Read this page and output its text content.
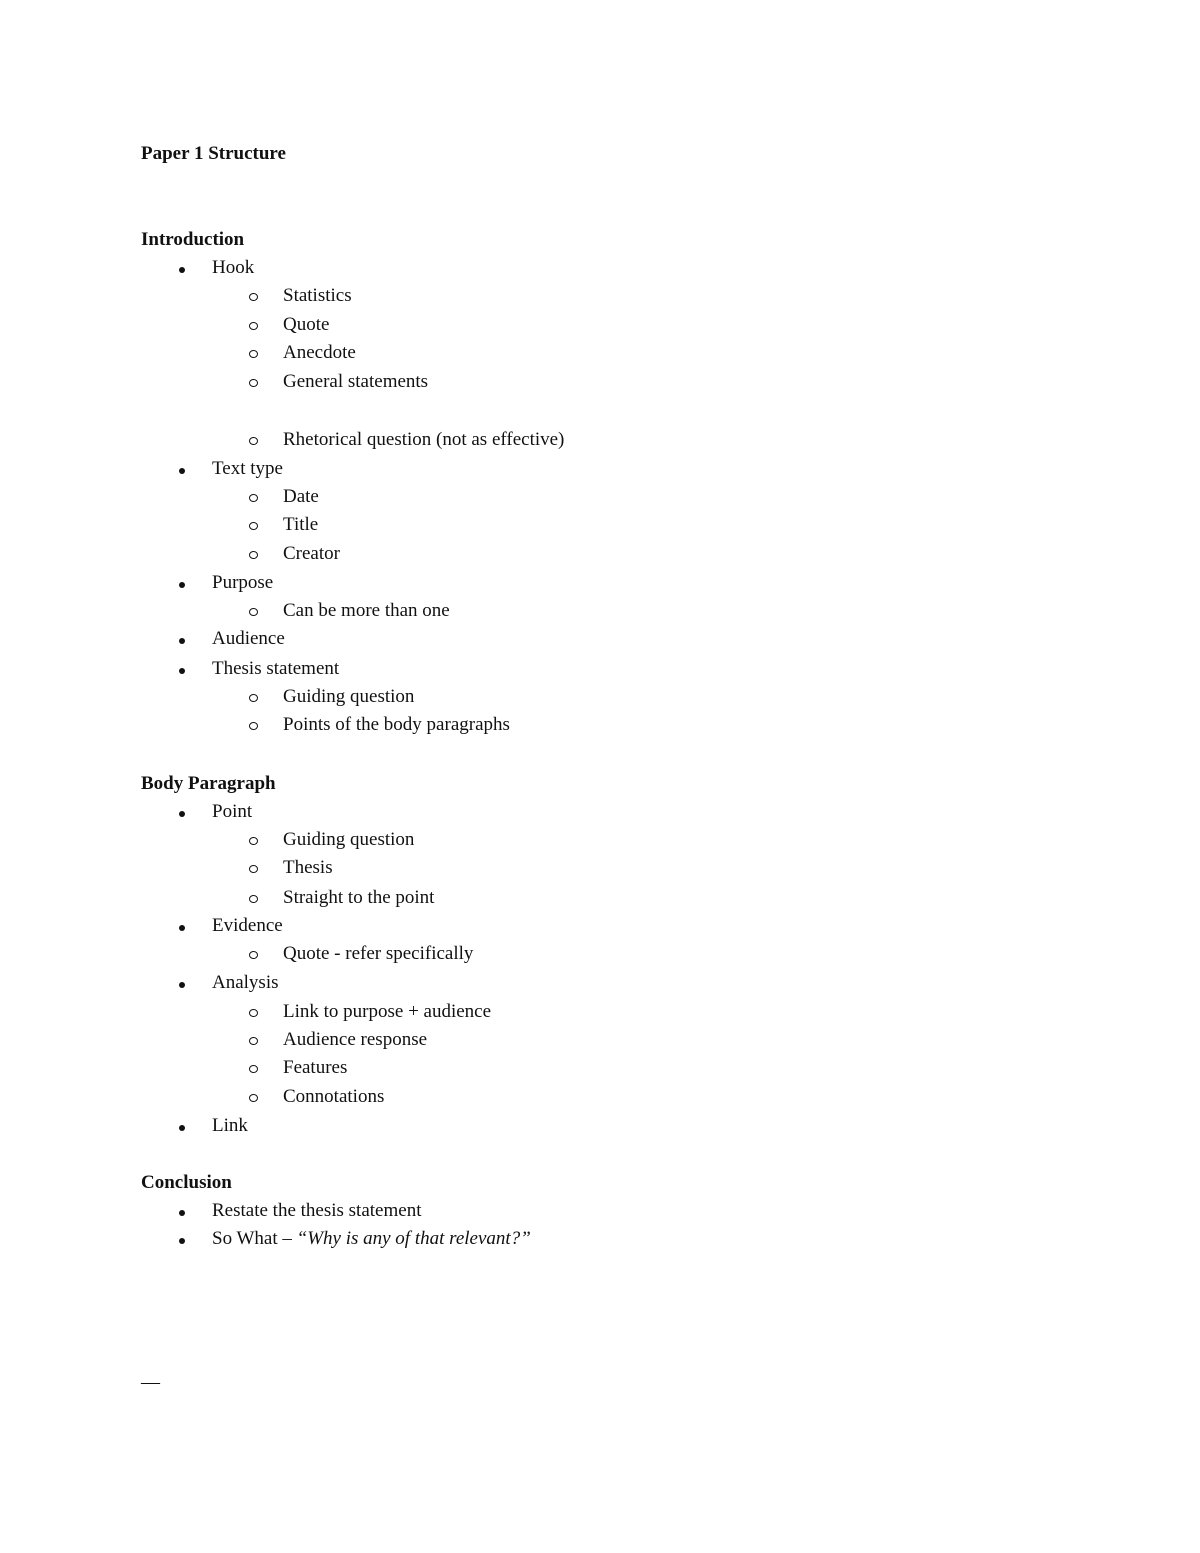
Paper 1 Structure
Introduction
Hook
Statistics
Quote
Anecdote
General statements
Rhetorical question (not as effective)
Text type
Date
Title
Creator
Purpose
Can be more than one
Audience
Thesis statement
Guiding question
Points of the body paragraphs
Body Paragraph
Point
Guiding question
Thesis
Straight to the point
Evidence
Quote - refer specifically
Analysis
Link to purpose + audience
Audience response
Features
Connotations
Link
Conclusion
Restate the thesis statement
So What – “Why is any of that relevant?”
—
